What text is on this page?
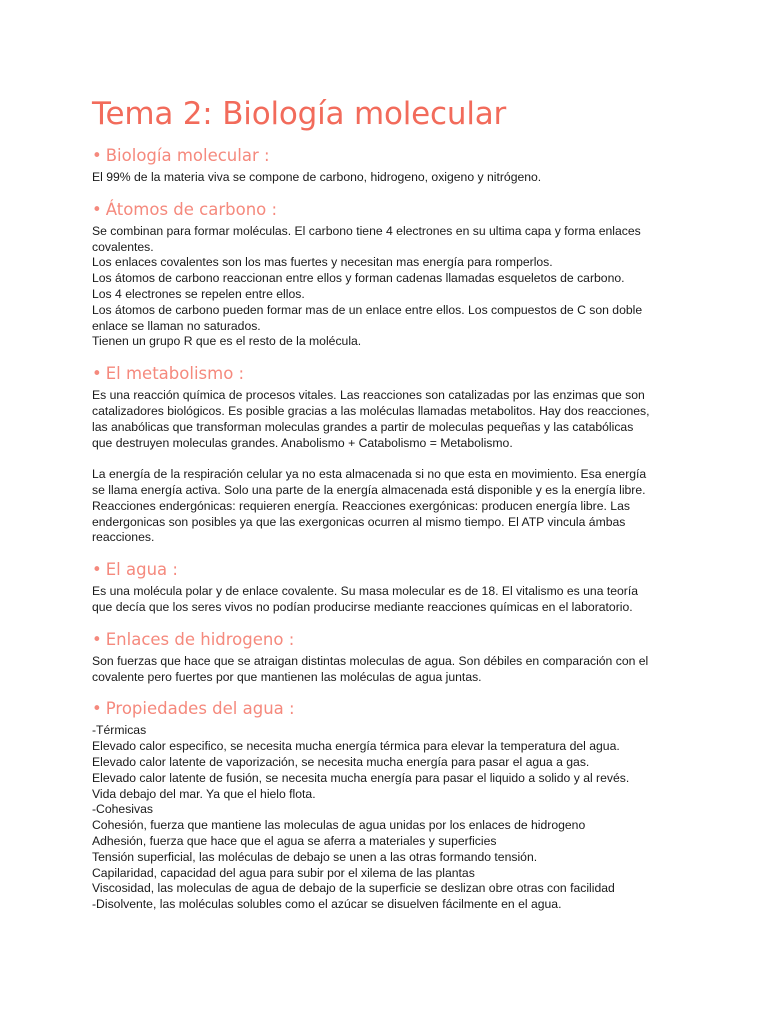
Tema 2: Biología molecular
• Biología molecular :

El 99% de la materia viva se compone de carbono, hidrogeno, oxigeno y nitrógeno.

• Átomos de carbono :

Se combinan para formar moléculas. El carbono tiene 4 electrones en su ultima capa y forma enlaces
covalentes.
Los enlaces covalentes son los mas fuertes y necesitan mas energía para romperlos.
Los átomos de carbono reaccionan entre ellos y forman cadenas llamadas esqueletos de carbono.
Los 4 electrones se repelen entre ellos.
Los átomos de carbono pueden formar mas de un enlace entre ellos. Los compuestos de C son doble
enlace se llaman no saturados.
Tienen un grupo R que es el resto de la molécula.

• El metabolismo :

Es una reacción química de procesos vitales. Las reacciones son catalizadas por las enzimas que son
catalizadores biológicos. Es posible gracias a las moléculas llamadas metabolitos. Hay dos reacciones,
las anabólicas que transforman moleculas grandes a partir de moleculas pequeñas y las catabólicas
que destruyen moleculas grandes. Anabolismo + Catabolismo = Metabolismo.

La energía de la respiración celular ya no esta almacenada si no que esta en movimiento. Esa energía
se llama energía activa. Solo una parte de la energía almacenada está disponible y es la energía libre.
Reacciones endergónicas: requieren energía. Reacciones exergónicas: producen energía libre. Las
endergonicas son posibles ya que las exergonicas ocurren al mismo tiempo. El ATP vincula ámbas
reacciones.

• El agua :

Es una molécula polar y de enlace covalente. Su masa molecular es de 18. El vitalismo es una teoría
que decía que los seres vivos no podían producirse mediante reacciones químicas en el laboratorio.

• Enlaces de hidrogeno :

Son fuerzas que hace que se atraigan distintas moleculas de agua. Son débiles en comparación con el
covalente pero fuertes por que mantienen las moléculas de agua juntas.

• Propiedades del agua :

-Térmicas
Elevado calor especifico, se necesita mucha energía térmica para elevar la temperatura del agua.
Elevado calor latente de vaporización, se necesita mucha energía para pasar el agua a gas.
Elevado calor latente de fusión, se necesita mucha energía para pasar el liquido a solido y al revés.
Vida debajo del mar. Ya que el hielo flota.
-Cohesivas
Cohesión, fuerza que mantiene las moleculas de agua unidas por los enlaces de hidrogeno
Adhesión, fuerza que hace que el agua se aferra a materiales y superficies
Tensión superficial, las moléculas de debajo se unen a las otras formando tensión.
Capilaridad, capacidad del agua para subir por el xilema de las plantas
Viscosidad, las moleculas de agua de debajo de la superficie se deslizan obre otras con facilidad
-Disolvente, las moléculas solubles como el azúcar se disuelven fácilmente en el agua.
